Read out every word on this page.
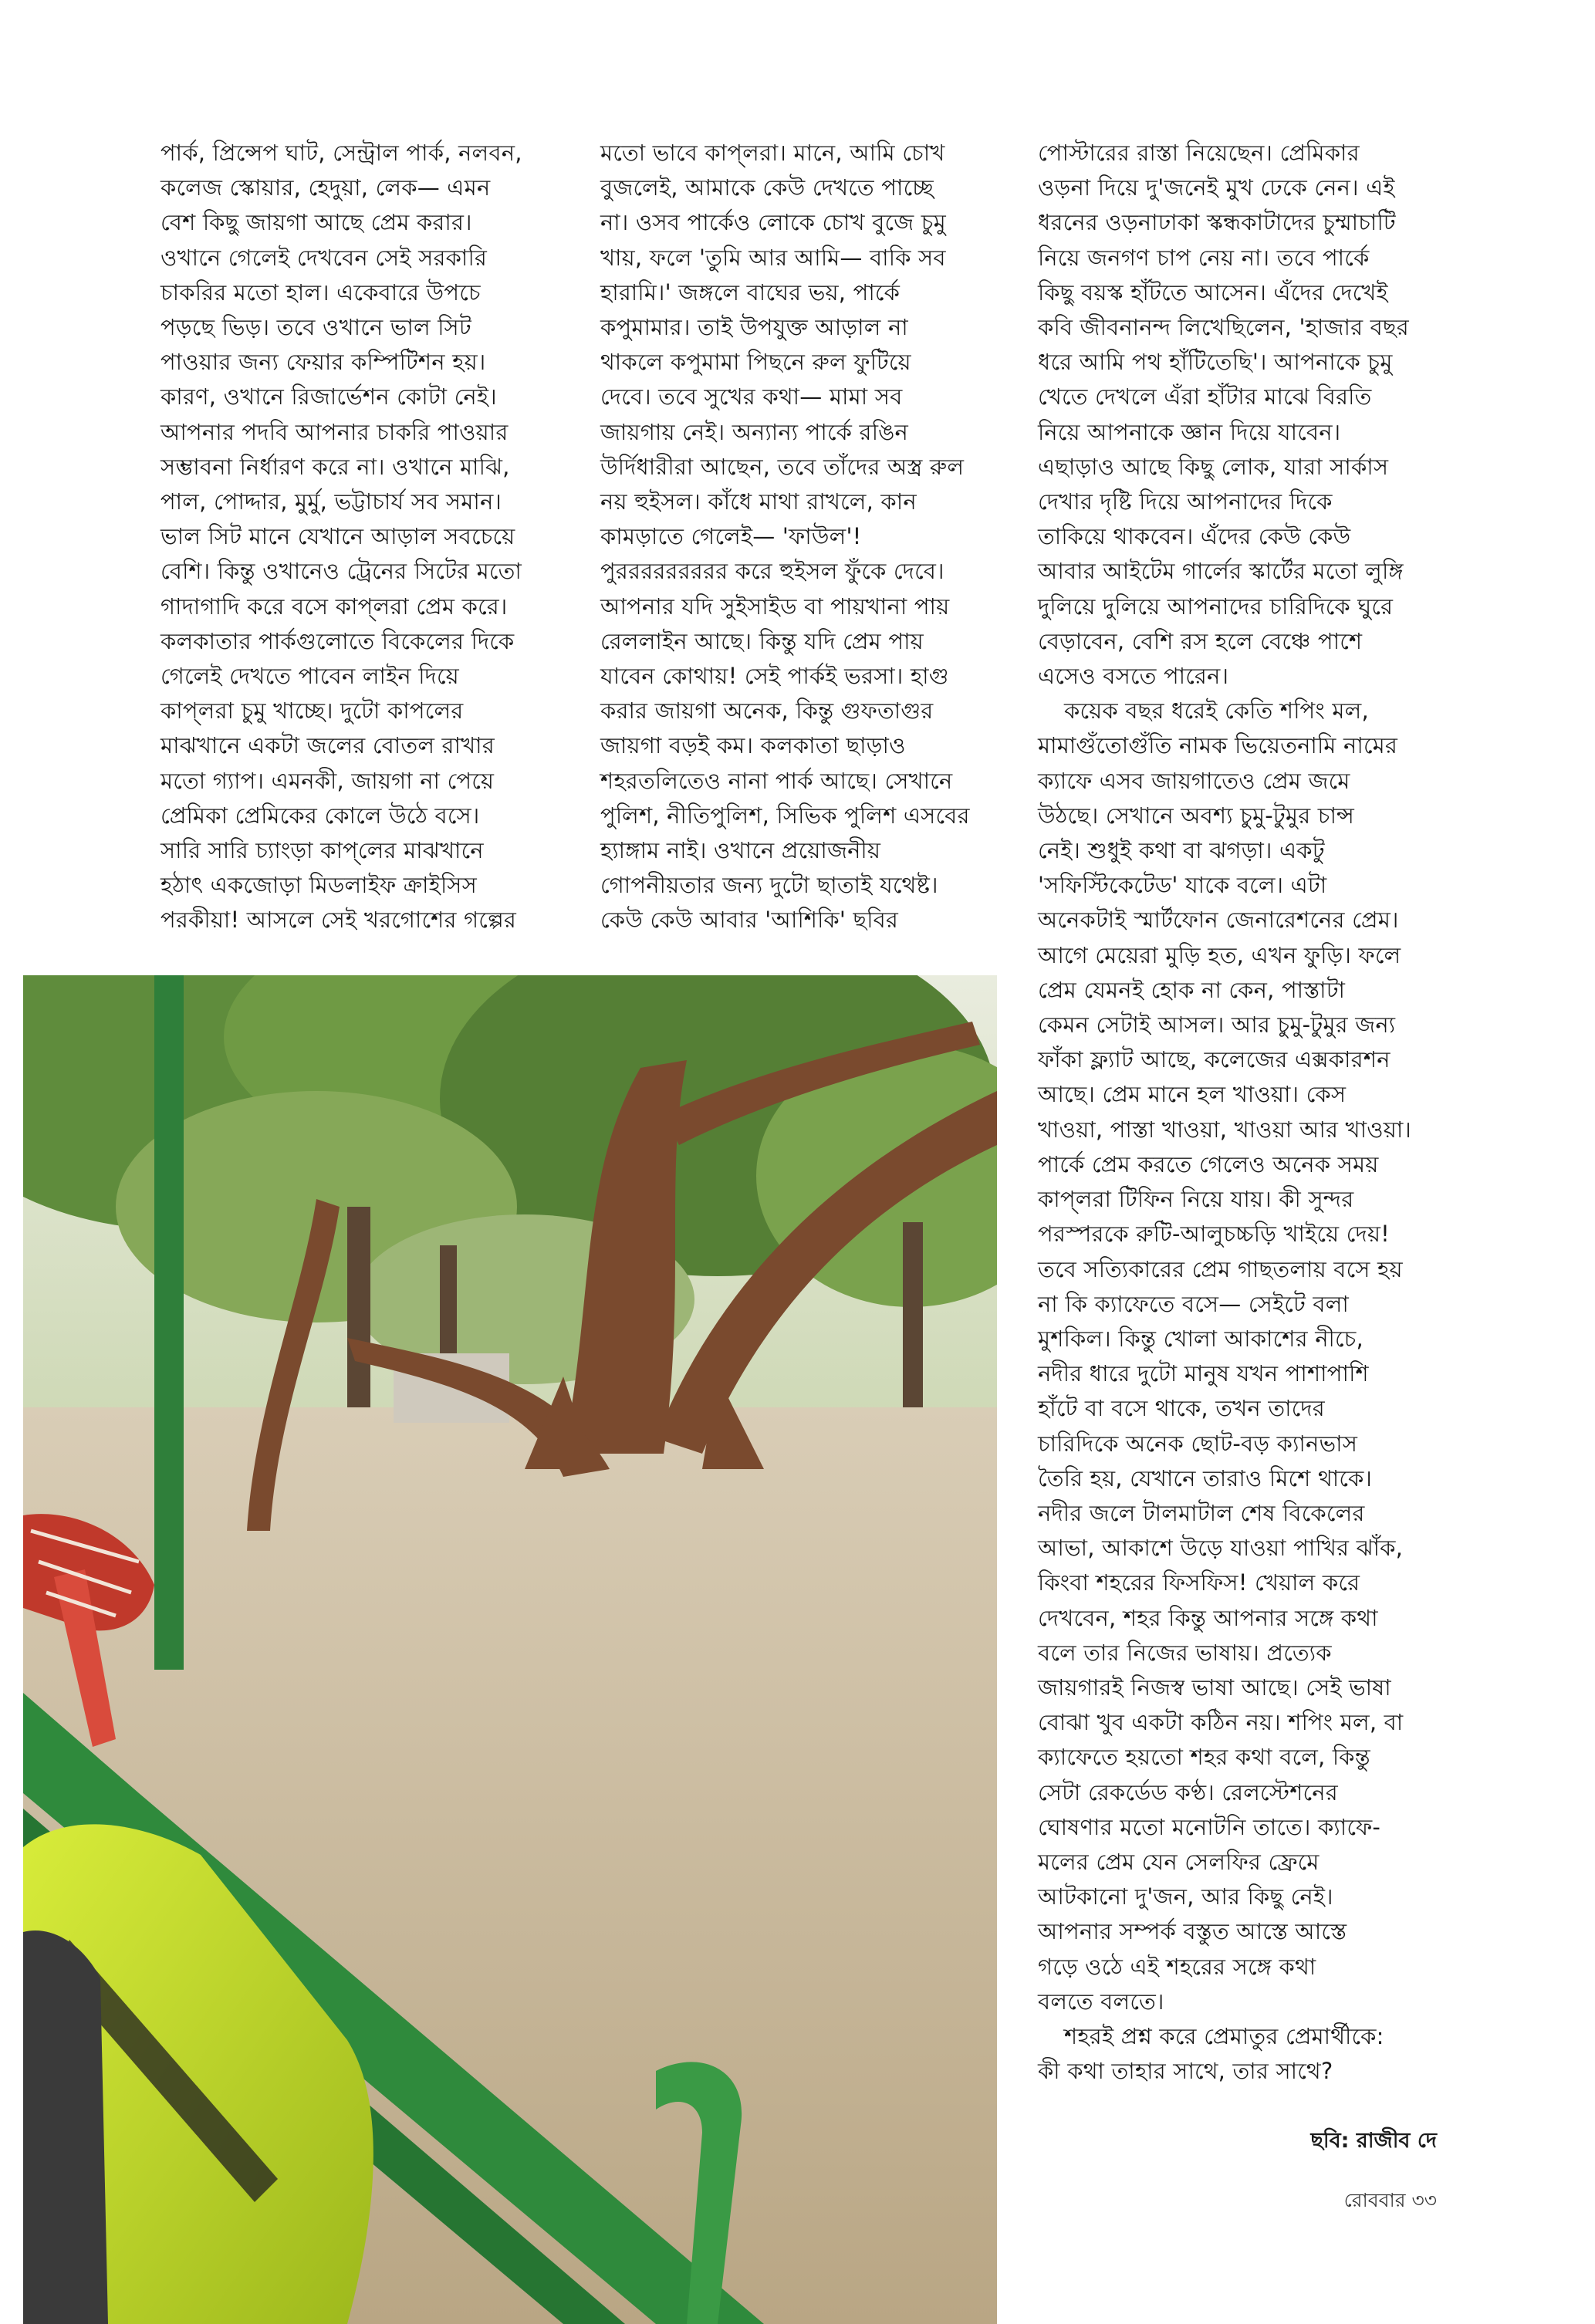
পার্ক, প্রিন্সেপ ঘাট, সেন্ট্রাল পার্ক, নলবন,

কলেজ স্কোয়ার, হেদুয়া, লেক— এমন

বেশ কিছু জায়গা আছে প্রেম করার।

ওখানে গেলেই দেখবেন সেই সরকারি

চাকরির মতো হাল। একেবারে উপচে

পড়ছে ভিড়। তবে ওখানে ভাল সিট

পাওয়ার জন্য ফেয়ার কম্পিটিশন হয়।

কারণ, ওখানে রিজার্ভেশন কোটা নেই।

আপনার পদবি আপনার চাকরি পাওয়ার

সম্ভাবনা নির্ধারণ করে না। ওখানে মাঝি,

পাল, পোদ্দার, মুর্মু, ভট্টাচার্য সব সমান।

ভাল সিট মানে যেখানে আড়াল সবচেয়ে

বেশি। কিন্তু ওখানেও ট্রেনের সিটের মতো

গাদাগাদি করে বসে কাপ্‌লরা প্রেম করে।

কলকাতার পার্কগুলোতে বিকেলের দিকে

গেলেই দেখতে পাবেন লাইন দিয়ে

কাপ্‌লরা চুমু খাচ্ছে। দুটো কাপলের

মাঝখানে একটা জলের বোতল রাখার

মতো গ্যাপ। এমনকী, জায়গা না পেয়ে

প্রেমিকা প্রেমিকের কোলে উঠে বসে।

সারি সারি চ্যাংড়া কাপ্‌লের মাঝখানে

হঠাৎ একজোড়া মিডলাইফ ক্রাইসিস

পরকীয়া! আসলে সেই খরগোশের গল্পের

মতো ভাবে কাপ্‌লরা। মানে, আমি চোখ

বুজলেই, আমাকে কেউ দেখতে পাচ্ছে

না। ওসব পার্কেও লোকে চোখ বুজে চুমু

খায়, ফলে 'তুমি আর আমি— বাকি সব

হারামি।' জঙ্গলে বাঘের ভয়, পার্কে

কপুমামার। তাই উপযুক্ত আড়াল না

থাকলে কপুমামা পিছনে রুল ফুটিয়ে

দেবে। তবে সুখের কথা— মামা সব

জায়গায় নেই। অন্যান্য পার্কে রঙিন

উর্দিধারীরা আছেন, তবে তাঁদের অস্ত্র রুল

নয় হুইসল। কাঁধে মাথা রাখলে, কান

কামড়াতে গেলেই— 'ফাউল'!

পুররররররররর করে হুইসল ফুঁকে দেবে।

আপনার যদি সুইসাইড বা পায়খানা পায়

রেললাইন আছে। কিন্তু যদি প্রেম পায়

যাবেন কোথায়! সেই পার্কই ভরসা। হাগু

করার জায়গা অনেক, কিন্তু গুফতাগুর

জায়গা বড়ই কম। কলকাতা ছাড়াও

শহরতলিতেও নানা পার্ক আছে। সেখানে

পুলিশ, নীতিপুলিশ, সিভিক পুলিশ এসবের

হ্যাঙ্গাম নাই। ওখানে প্রয়োজনীয়

গোপনীয়তার জন্য দুটো ছাতাই যথেষ্ট।

কেউ কেউ আবার 'আশিকি' ছবির

পোস্টারের রাস্তা নিয়েছেন। প্রেমিকার

ওড়না দিয়ে দু'জনেই মুখ ঢেকে নেন। এই

ধরনের ওড়নাঢাকা স্কন্ধকাটাদের চুম্মাচাটি

নিয়ে জনগণ চাপ নেয় না। তবে পার্কে

কিছু বয়স্ক হাঁটতে আসেন। এঁদের দেখেই

কবি জীবনানন্দ লিখেছিলেন, 'হাজার বছর

ধরে আমি পথ হাঁটিতেছি'। আপনাকে চুমু

খেতে দেখলে এঁরা হাঁটার মাঝে বিরতি

নিয়ে আপনাকে জ্ঞান দিয়ে যাবেন।

এছাড়াও আছে কিছু লোক, যারা সার্কাস

দেখার দৃষ্টি দিয়ে আপনাদের দিকে

তাকিয়ে থাকবেন। এঁদের কেউ কেউ

আবার আইটেম গার্লের স্কার্টের মতো লুঙ্গি

দুলিয়ে দুলিয়ে আপনাদের চারিদিকে ঘুরে

বেড়াবেন, বেশি রস হলে বেঞ্চে পাশে

এসেও বসতে পারেন।

কয়েক বছর ধরেই কেতি শপিং মল,

মামাগুঁতোগুঁতি নামক ভিয়েতনামি নামের

ক্যাফে এসব জায়গাতেও প্রেম জমে

উঠছে। সেখানে অবশ্য চুমু-টুমুর চান্স

নেই। শুধুই কথা বা ঝগড়া। একটু

'সফিস্টিকেটেড' যাকে বলে। এটা

অনেকটাই স্মার্টফোন জেনারেশনের প্রেম।

আগে মেয়েরা মুড়ি হত, এখন ফুড়ি। ফলে

প্রেম যেমনই হোক না কেন, পাস্তাটা

কেমন সেটাই আসল। আর চুমু-টুমুর জন্য

ফাঁকা ফ্ল্যাট আছে, কলেজের এক্সকারশন

আছে। প্রেম মানে হল খাওয়া। কেস

খাওয়া, পাস্তা খাওয়া, খাওয়া আর খাওয়া।

পার্কে প্রেম করতে গেলেও অনেক সময়

কাপ্‌লরা টিফিন নিয়ে যায়। কী সুন্দর

পরস্পরকে রুটি-আলুচচ্চড়ি খাইয়ে দেয়!

তবে সত্যিকারের প্রেম গাছতলায় বসে হয়

না কি ক্যাফেতে বসে— সেইটে বলা

মুশকিল। কিন্তু খোলা আকাশের নীচে,

নদীর ধারে দুটো মানুষ যখন পাশাপাশি

হাঁটে বা বসে থাকে, তখন তাদের

চারিদিকে অনেক ছোট-বড় ক্যানভাস

তৈরি হয়, যেখানে তারাও মিশে থাকে।

নদীর জলে টালমাটাল শেষ বিকেলের

আভা, আকাশে উড়ে যাওয়া পাখির ঝাঁক,

কিংবা শহরের ফিসফিস! খেয়াল করে

দেখবেন, শহর কিন্তু আপনার সঙ্গে কথা

বলে তার নিজের ভাষায়। প্রত্যেক

জায়গারই নিজস্ব ভাষা আছে। সেই ভাষা

বোঝা খুব একটা কঠিন নয়। শপিং মল, বা

ক্যাফেতে হয়তো শহর কথা বলে, কিন্তু

সেটা রেকর্ডেড কণ্ঠ। রেলস্টেশনের

ঘোষণার মতো মনোটনি তাতে। ক্যাফে-

মলের প্রেম যেন সেলফির ফ্রেমে

আটকানো দু'জন, আর কিছু নেই।

আপনার সম্পর্ক বস্তুত আস্তে আস্তে

গড়ে ওঠে এই শহরের সঙ্গে কথা

বলতে বলতে।

শহরই প্রশ্ন করে প্রেমাতুর প্রেমার্থীকে:

কী কথা তাহার সাথে, তার সাথে?

ছবি: রাজীব দে
রোববার ৩৩
